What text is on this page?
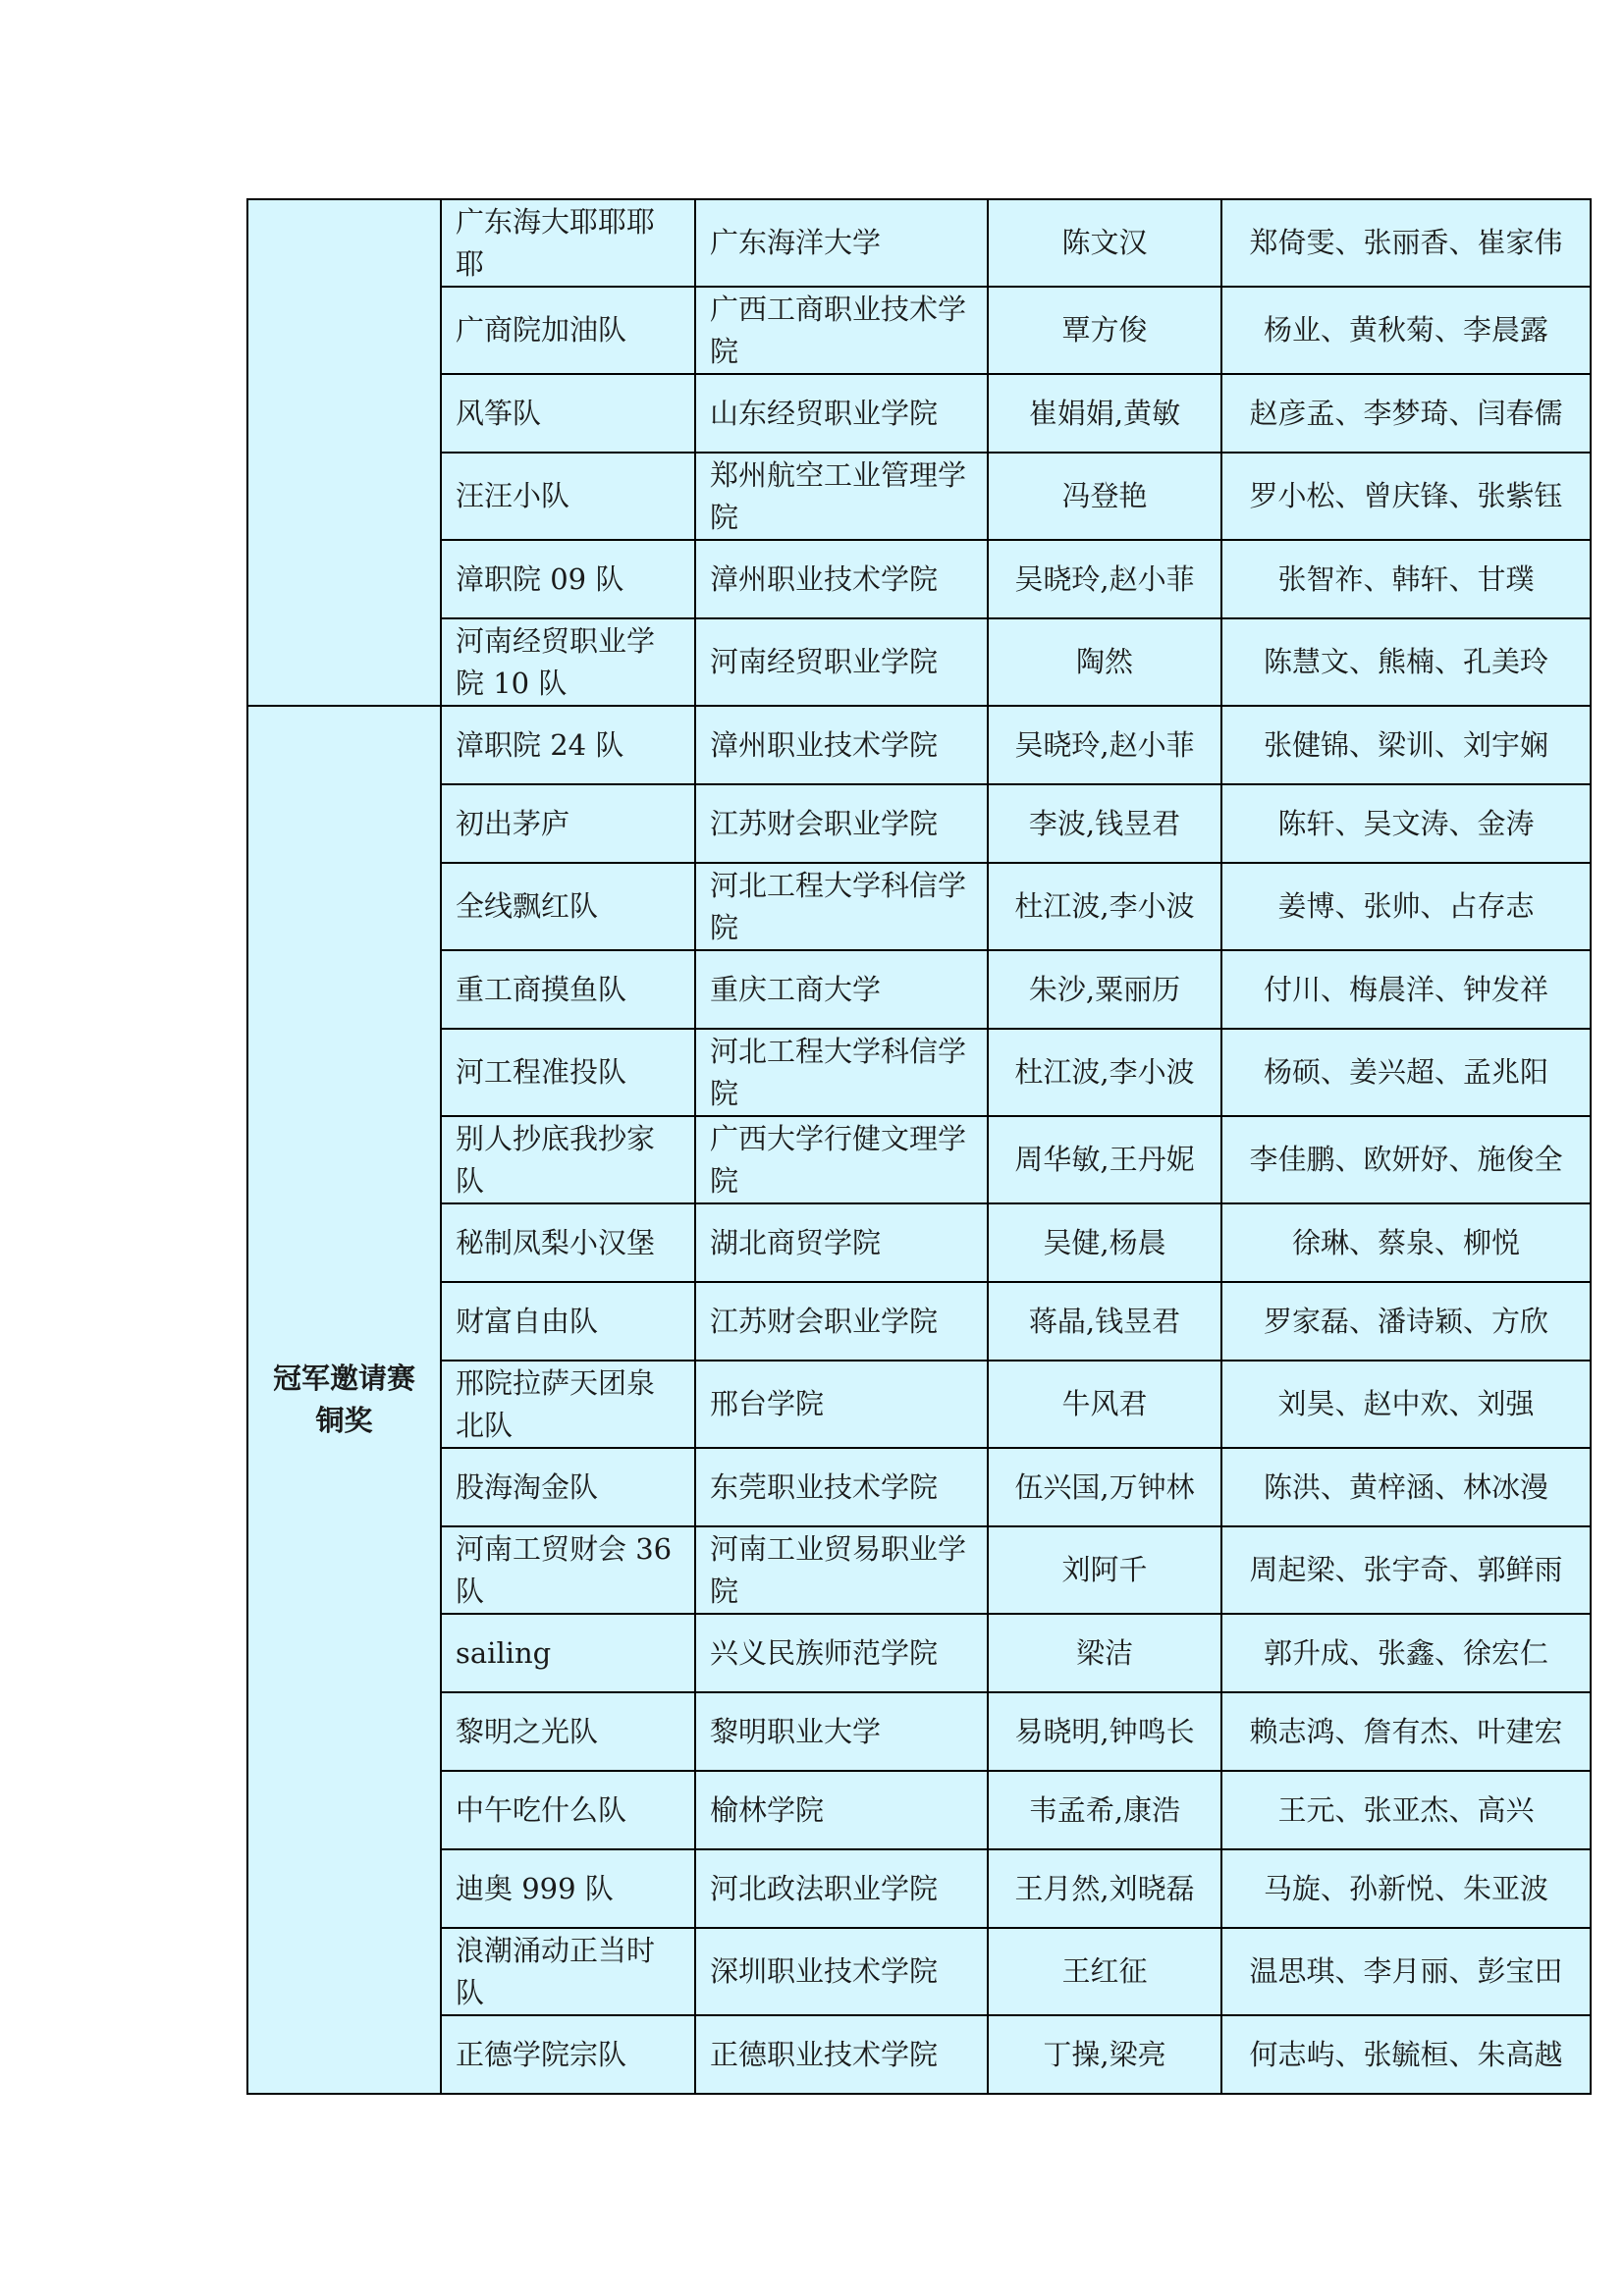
	广东海大耶耶耶耶	广东海洋大学	陈文汉	郑倚雯、张丽香、崔家伟
	广商院加油队	广西工商职业技术学院	覃方俊	杨业、黄秋菊、李晨露
	风筝队	山东经贸职业学院	崔娟娟,黄敏	赵彦孟、李梦琦、闫春儒
	汪汪小队	郑州航空工业管理学院	冯登艳	罗小松、曾庆锋、张紫钰
	漳职院 09 队	漳州职业技术学院	吴晓玲,赵小菲	张智祚、韩轩、甘璞
	河南经贸职业学院 10 队	河南经贸职业学院	陶然	陈慧文、熊楠、孔美玲
冠军邀请赛铜奖	漳职院 24 队	漳州职业技术学院	吴晓玲,赵小菲	张健锦、梁训、刘宇娴
	初出茅庐	江苏财会职业学院	李波,钱昱君	陈轩、吴文涛、金涛
	全线飘红队	河北工程大学科信学院	杜江波,李小波	姜博、张帅、占存志
	重工商摸鱼队	重庆工商大学	朱沙,粟丽历	付川、梅晨洋、钟发祥
	河工程准投队	河北工程大学科信学院	杜江波,李小波	杨硕、姜兴超、孟兆阳
	别人抄底我抄家队	广西大学行健文理学院	周华敏,王丹妮	李佳鹏、欧妍妤、施俊全
	秘制凤梨小汉堡	湖北商贸学院	吴健,杨晨	徐琳、蔡泉、柳悦
	财富自由队	江苏财会职业学院	蒋晶,钱昱君	罗家磊、潘诗颖、方欣
	邢院拉萨天团泉北队	邢台学院	牛风君	刘昊、赵中欢、刘强
	股海淘金队	东莞职业技术学院	伍兴国,万钟林	陈洪、黄梓涵、林冰漫
	河南工贸财会 36 队	河南工业贸易职业学院	刘阿千	周起梁、张宇奇、郭鲜雨
	sailing	兴义民族师范学院	梁洁	郭升成、张鑫、徐宏仁
	黎明之光队	黎明职业大学	易晓明,钟鸣长	赖志鸿、詹有杰、叶建宏
	中午吃什么队	榆林学院	韦孟希,康浩	王元、张亚杰、高兴
	迪奥 999 队	河北政法职业学院	王月然,刘晓磊	马旋、孙新悦、朱亚波
	浪潮涌动正当时队	深圳职业技术学院	王红征	温思琪、李月丽、彭宝田
	正德学院宗队	正德职业技术学院	丁操,梁亮	何志屿、张毓桓、朱高越
